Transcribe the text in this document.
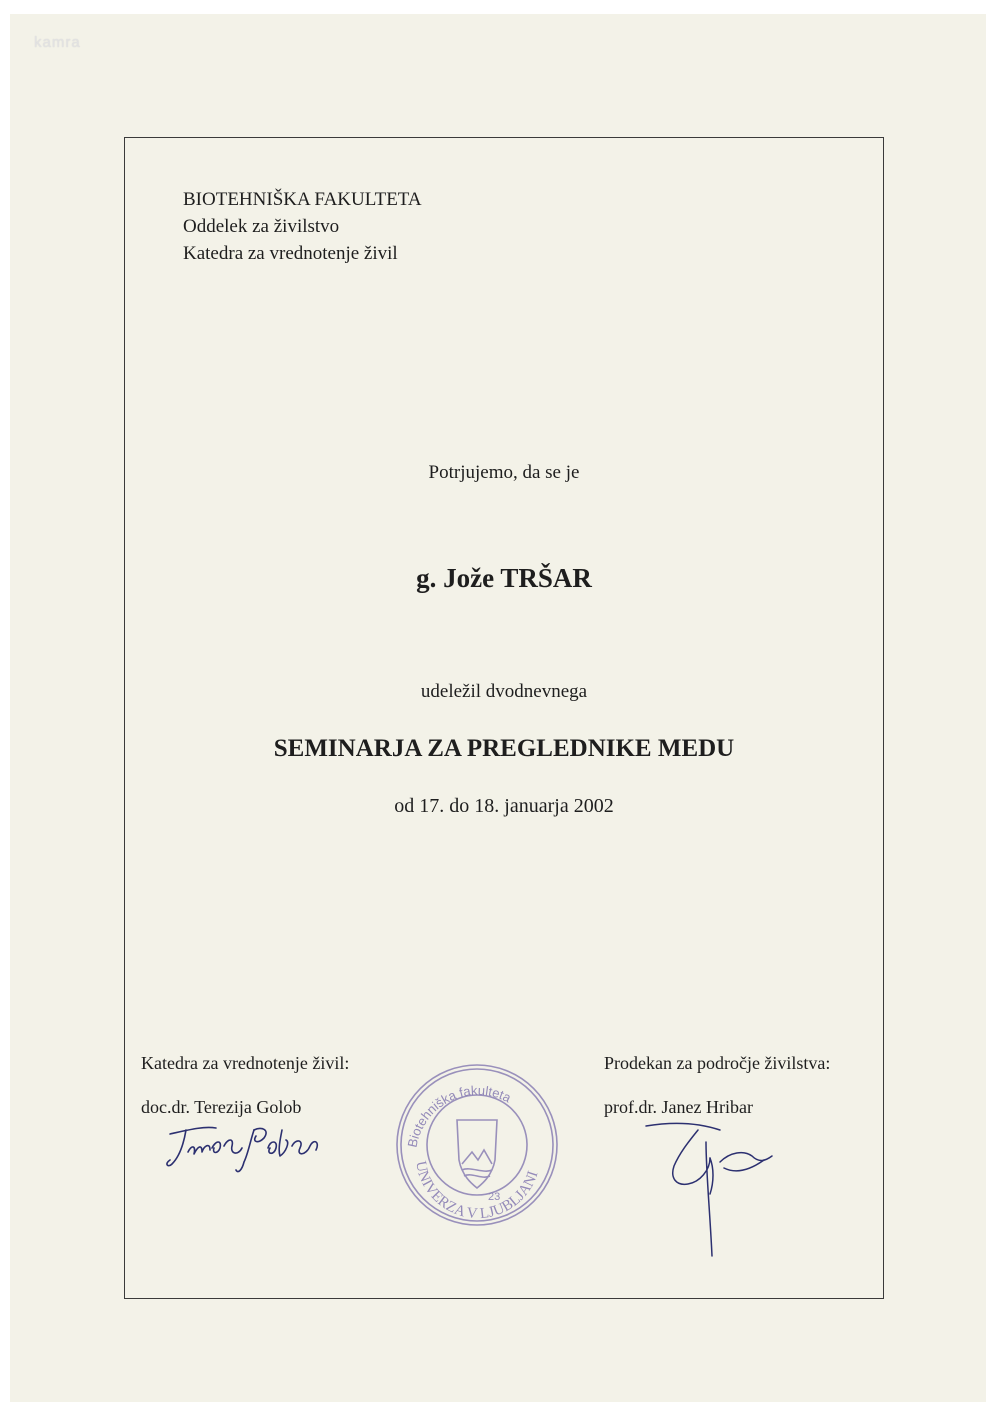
kamra
BIOTEHNIŠKA FAKULTETA
Oddelek za živilstvo
Katedra za vrednotenje živil
Potrjujemo, da se je
g. Jože TRŠAR
udeležil dvodnevnega
SEMINARJA ZA PREGLEDNIKE MEDU
od 17. do 18. januarja 2002
Katedra za vrednotenje živil:
doc.dr. Terezija Golob
Prodekan za področje živilstva:
prof.dr. Janez Hribar
Biotehniška fakulteta
UNIVERZA V LJUBLJANI
23
